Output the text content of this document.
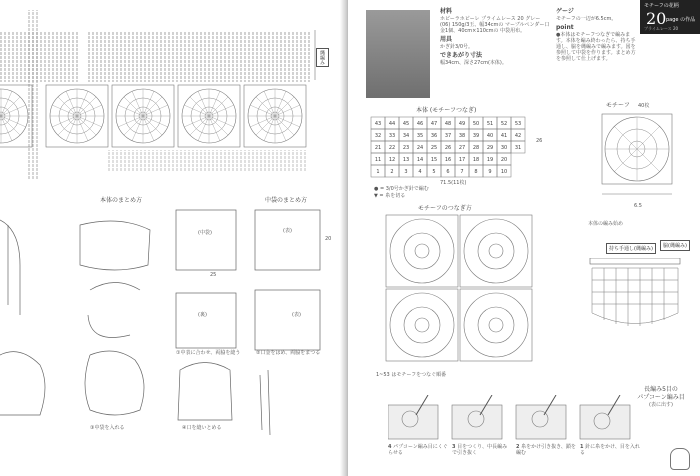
縄編み
本体のまとめ方	中袋のまとめ方
(中袋)	(表)
(裏)
25
20
(表)
①中表に合わせ、両脇を縫う	②口金をはめ、両脇をまつる
③中袋を入れる	④口を縫いとめる
材料
ホビーラホビーレ プライムレース 20 グレー(06) 150g/3玉、幅34cmの マーブルペンダー口金1個、40cm×110cmの 中袋用布。
用具
かぎ針3/0号。
できあがり寸法
幅34cm、深さ27cm(本体)。
ゲージ
モチーフの一辺が6.5cm。
point
●本体はモチーフつなぎで編みます。本体を編み終わったら、持ち手通し、脇を縄編みで編みます。図を参照して中袋を作ります。まとめ方を参照して仕上げます。
モチーフの花柄
20 page の作品
プライムレース 20
本体 (モチーフつなぎ)
43 44 45 46 47 48 49 50 51 52 53
32 33 34 35 36 37 38 39 40 41 42
21 22 23 24 25 26 27 28 29 30 31
11 12 13 14 15 16 17 18 19 20
1 2 3 4 5 6 7 8 9 10
71.5(11枚)
26
● = 3/0号かぎ針で編む
▼ = 糸を切る
モチーフ 40枚
6.5
モチーフのつなぎ方
1~53 はモチーフをつなぐ順番
本体の編み始め
持ち手通し(縄編み)	脇(縄編み)
長編み5目の
パプコーン編み目
(表に出す)
4 パプコーン編み目にくぐらせる
3 目をつくり、中長編みで引き抜く
2 糸をかけ引き抜き、鎖を編む
1 針に糸をかけ、目を入れる
